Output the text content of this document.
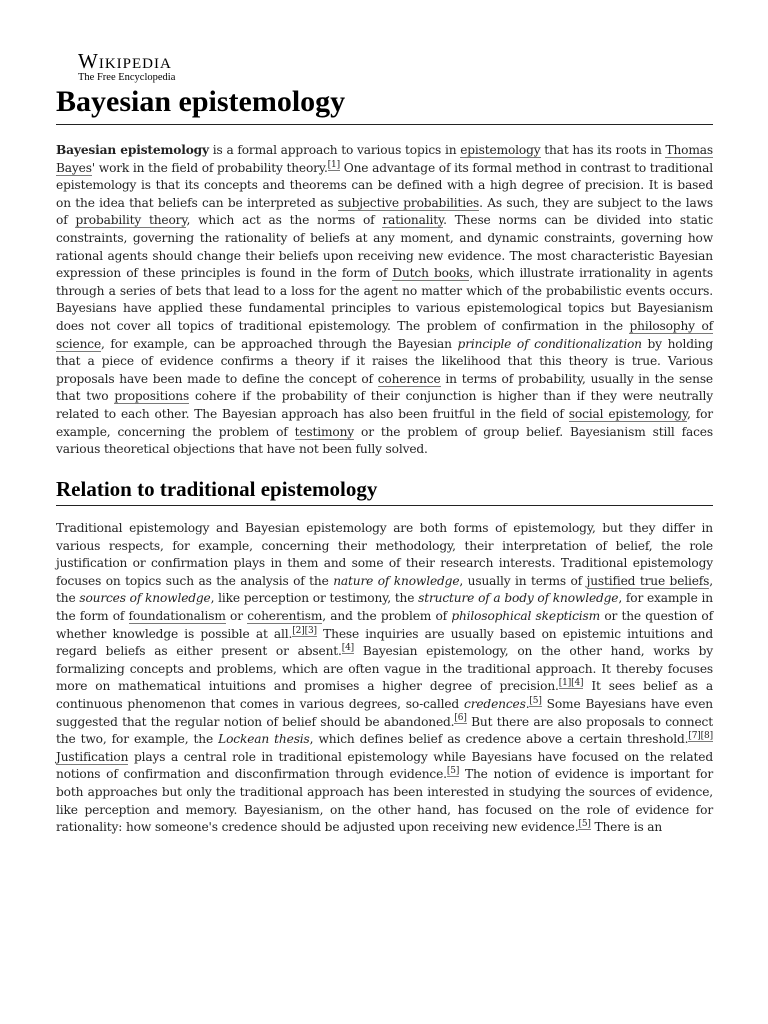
Wikipedia
The Free Encyclopedia
Bayesian epistemology

Bayesian epistemology is a formal approach to various topics in epistemology that has its roots in Thomas Bayes' work in the field of probability theory.[1] One advantage of its formal method in contrast to traditional epistemology is that its concepts and theorems can be defined with a high degree of precision. It is based on the idea that beliefs can be interpreted as subjective probabilities. As such, they are subject to the laws of probability theory, which act as the norms of rationality. These norms can be divided into static constraints, governing the rationality of beliefs at any moment, and dynamic constraints, governing how rational agents should change their beliefs upon receiving new evidence. The most characteristic Bayesian expression of these principles is found in the form of Dutch books, which illustrate irrationality in agents through a series of bets that lead to a loss for the agent no matter which of the probabilistic events occurs. Bayesians have applied these fundamental principles to various epistemological topics but Bayesianism does not cover all topics of traditional epistemology. The problem of confirmation in the philosophy of science, for example, can be approached through the Bayesian principle of conditionalization by holding that a piece of evidence confirms a theory if it raises the likelihood that this theory is true. Various proposals have been made to define the concept of coherence in terms of probability, usually in the sense that two propositions cohere if the probability of their conjunction is higher than if they were neutrally related to each other. The Bayesian approach has also been fruitful in the field of social epistemology, for example, concerning the problem of testimony or the problem of group belief. Bayesianism still faces various theoretical objections that have not been fully solved.

Relation to traditional epistemology

Traditional epistemology and Bayesian epistemology are both forms of epistemology, but they differ in various respects, for example, concerning their methodology, their interpretation of belief, the role justification or confirmation plays in them and some of their research interests. Traditional epistemology focuses on topics such as the analysis of the nature of knowledge, usually in terms of justified true beliefs, the sources of knowledge, like perception or testimony, the structure of a body of knowledge, for example in the form of foundationalism or coherentism, and the problem of philosophical skepticism or the question of whether knowledge is possible at all.[2][3] These inquiries are usually based on epistemic intuitions and regard beliefs as either present or absent.[4] Bayesian epistemology, on the other hand, works by formalizing concepts and problems, which are often vague in the traditional approach. It thereby focuses more on mathematical intuitions and promises a higher degree of precision.[1][4] It sees belief as a continuous phenomenon that comes in various degrees, so-called credences.[5] Some Bayesians have even suggested that the regular notion of belief should be abandoned.[6] But there are also proposals to connect the two, for example, the Lockean thesis, which defines belief as credence above a certain threshold.[7][8] Justification plays a central role in traditional epistemology while Bayesians have focused on the related notions of confirmation and disconfirmation through evidence.[5] The notion of evidence is important for both approaches but only the traditional approach has been interested in studying the sources of evidence, like perception and memory. Bayesianism, on the other hand, has focused on the role of evidence for rationality: how someone's credence should be adjusted upon receiving new evidence.[5] There is an
